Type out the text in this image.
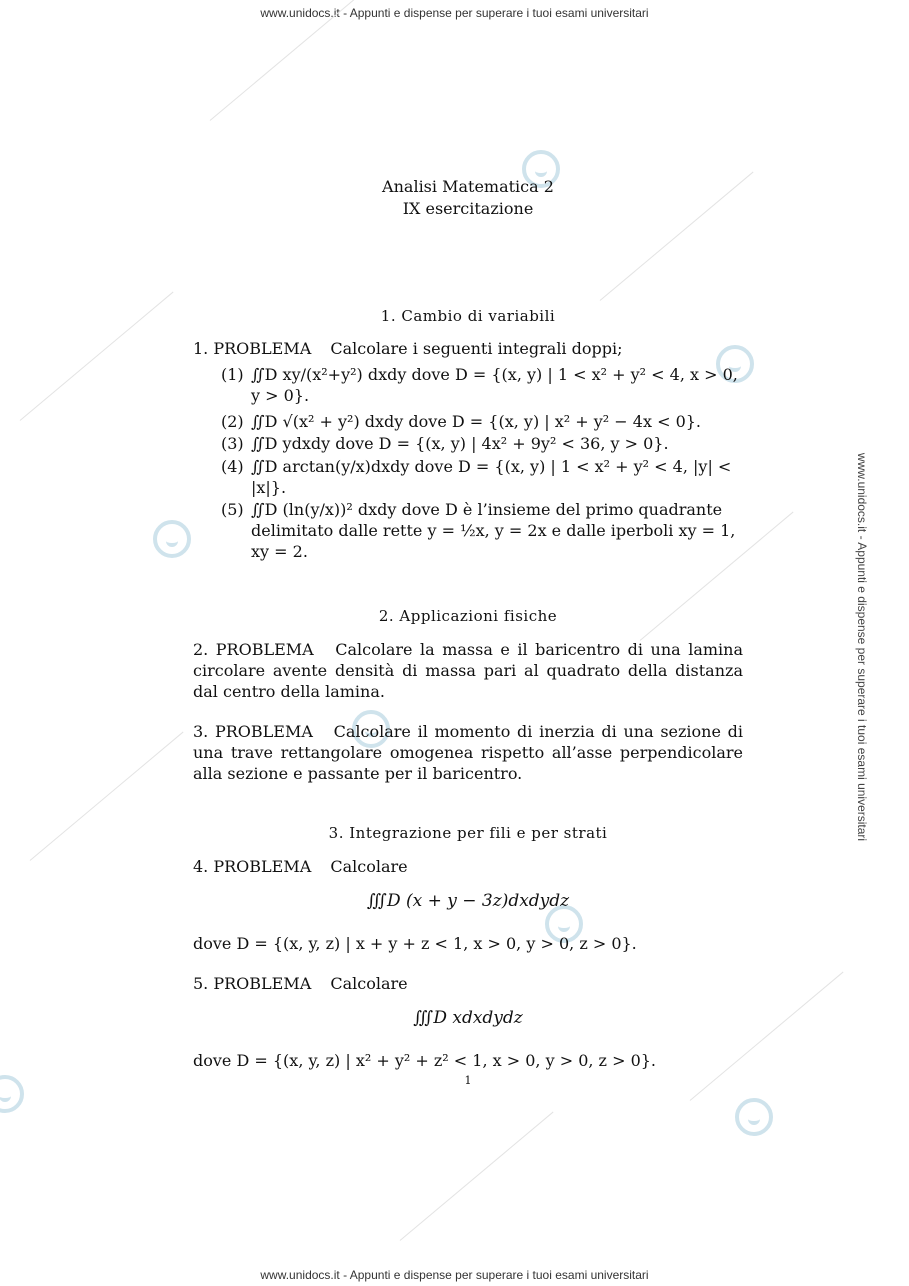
www.unidocs.it - Appunti e dispense per superare i tuoi esami universitari
www.unidocs.it - Appunti e dispense per superare i tuoi esami universitari
www.unidocs.it - Appunti e dispense per superare i tuoi esami universitari
Analisi Matematica 2
IX esercitazione
1. Cambio di variabili
1. PROBLEMA Calcolare i seguenti integrali doppi;
(1) ∬D xy/(x²+y²) dxdy dove D = {(x, y) | 1 < x² + y² < 4, x > 0, y > 0}.
(2) ∬D √(x² + y²) dxdy dove D = {(x, y) | x² + y² − 4x < 0}.
(3) ∬D ydxdy dove D = {(x, y) | 4x² + 9y² < 36, y > 0}.
(4) ∬D arctan(y/x)dxdy dove D = {(x, y) | 1 < x² + y² < 4, |y| < |x|}.
(5) ∬D (ln(y/x))² dxdy dove D è l’insieme del primo quadrante delimitato dalle rette y = ½x, y = 2x e dalle iperboli xy = 1, xy = 2.
2. Applicazioni fisiche
2. PROBLEMA Calcolare la massa e il baricentro di una lamina circolare avente densità di massa pari al quadrato della distanza dal centro della lamina.
3. PROBLEMA Calcolare il momento di inerzia di una sezione di una trave rettangolare omogenea rispetto all’asse perpendicolare alla sezione e passante per il baricentro.
3. Integrazione per fili e per strati
4. PROBLEMA Calcolare
∭D (x + y − 3z)dxdydz
dove D = {(x, y, z) | x + y + z < 1, x > 0, y > 0, z > 0}.
5. PROBLEMA Calcolare
∭D xdxdydz
dove D = {(x, y, z) | x² + y² + z² < 1, x > 0, y > 0, z > 0}.
1
